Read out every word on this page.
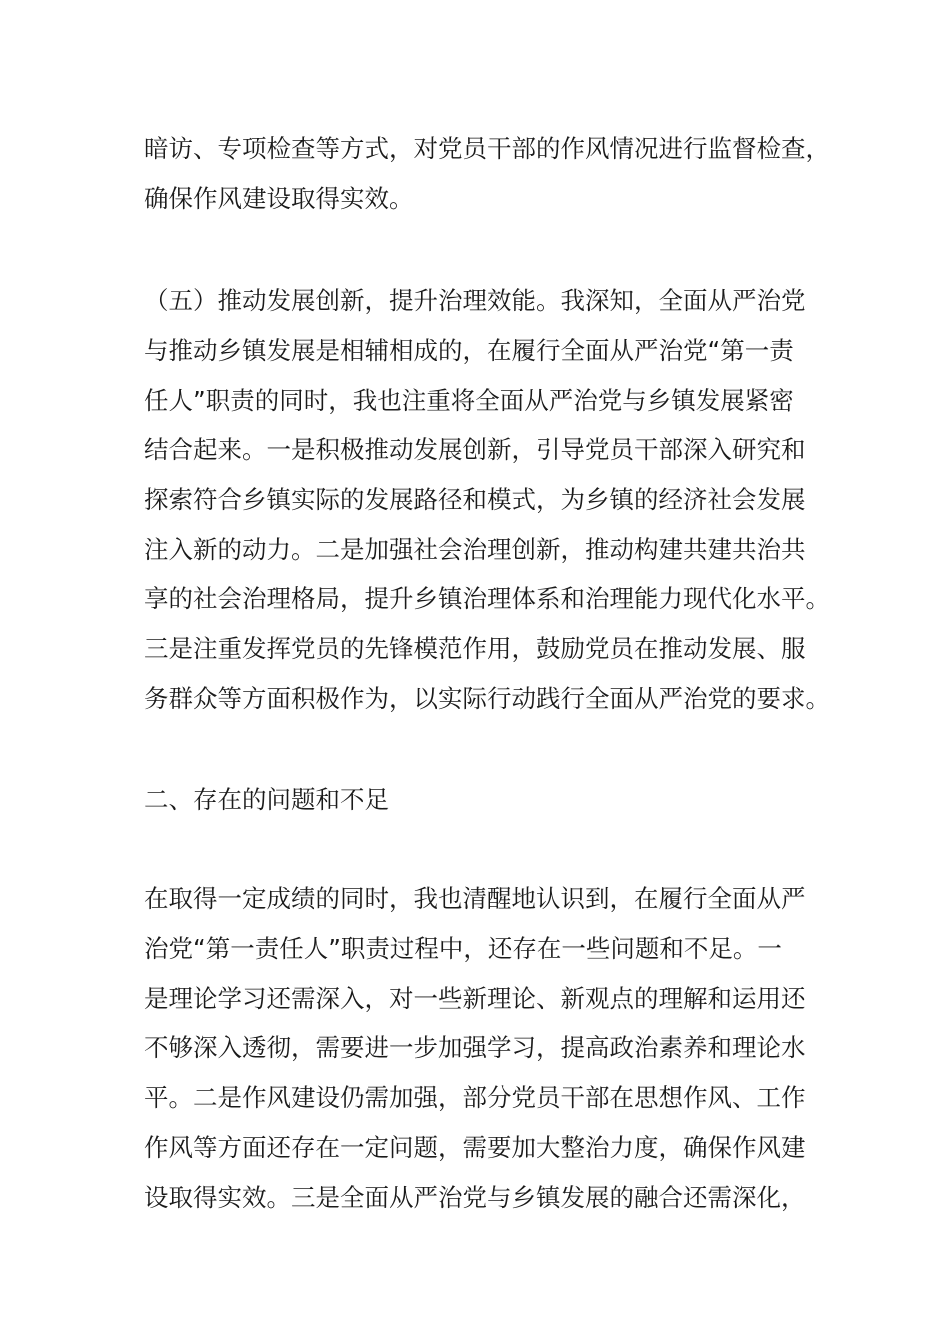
暗访、专项检查等方式，对党员干部的作风情况进行监督检查，
确保作风建设取得实效。
（五）推动发展创新，提升治理效能。我深知，全面从严治党
与推动乡镇发展是相辅相成的，在履行全面从严治党“第一责
任人”职责的同时，我也注重将全面从严治党与乡镇发展紧密
结合起来。一是积极推动发展创新，引导党员干部深入研究和
探索符合乡镇实际的发展路径和模式，为乡镇的经济社会发展
注入新的动力。二是加强社会治理创新，推动构建共建共治共
享的社会治理格局，提升乡镇治理体系和治理能力现代化水平。
三是注重发挥党员的先锋模范作用，鼓励党员在推动发展、服
务群众等方面积极作为，以实际行动践行全面从严治党的要求。
二、存在的问题和不足
在取得一定成绩的同时，我也清醒地认识到，在履行全面从严
治党“第一责任人”职责过程中，还存在一些问题和不足。一
是理论学习还需深入，对一些新理论、新观点的理解和运用还
不够深入透彻，需要进一步加强学习，提高政治素养和理论水
平。二是作风建设仍需加强，部分党员干部在思想作风、工作
作风等方面还存在一定问题，需要加大整治力度，确保作风建
设取得实效。三是全面从严治党与乡镇发展的融合还需深化，
